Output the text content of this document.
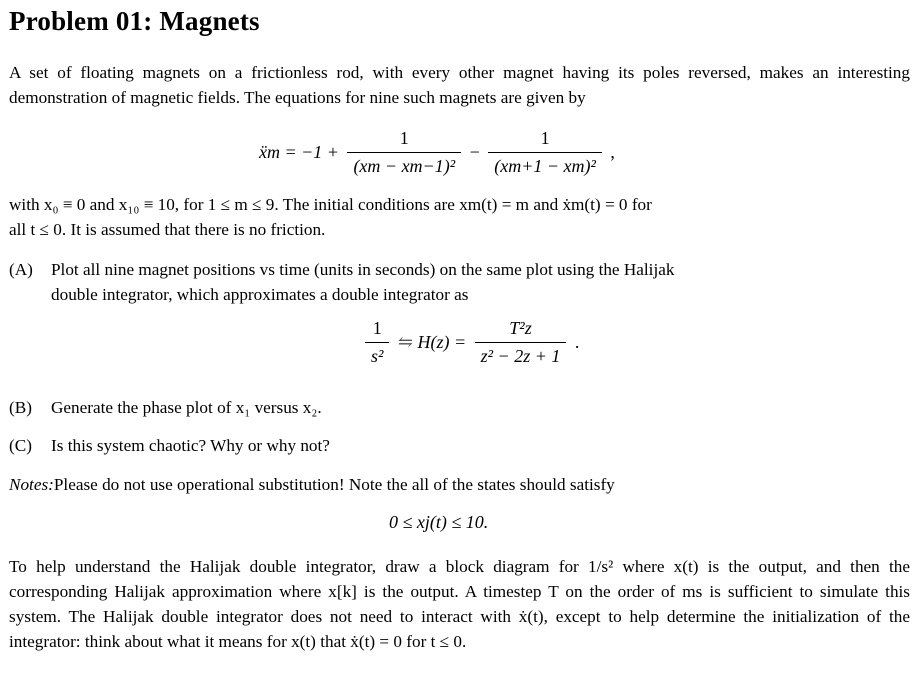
Problem 01: Magnets
A set of floating magnets on a frictionless rod, with every other magnet having its poles reversed, makes an interesting demonstration of magnetic fields. The equations for nine such magnets are given by
ẍm = $-1 + \frac{1}{\text{(xm − xm−1)²}} - \frac{1}{\text{(xm+1 − xm)²}}$ ,
with x₀ ≡ 0 and x₁₀ ≡ 10, for 1 ≤ m ≤ 9. The initial conditions are xm(t) = m and ẋm(t) = 0 for
all t ≤ 0. It is assumed that there is no friction.
(A) Plot all nine magnet positions vs time (units in seconds) on the same plot using the Halijak
double integrator, which approximates a double integrator as
$\frac{1}{\text{s²}}$ ⇋ $H(z) = \frac{\text{T²z}}{\text{z² − 2z + 1}}$ .
(B) Generate the phase plot of x₁ versus x₂.
(C) Is this system chaotic? Why or why not?
Notes:Please do not use operational substitution! Note the all of the states should satisfy
0 ≤ xj(t) ≤ 10.
To help understand the Halijak double integrator, draw a block diagram for 1/s² where x(t) is the output, and then the corresponding Halijak approximation where x[k] is the output. A timestep T on the order of ms is sufficient to simulate this system. The Halijak double integrator does not need to interact with ẋ(t), except to help determine the initialization of the integrator: think about what it means for x(t) that ẋ(t) = 0 for t ≤ 0.
